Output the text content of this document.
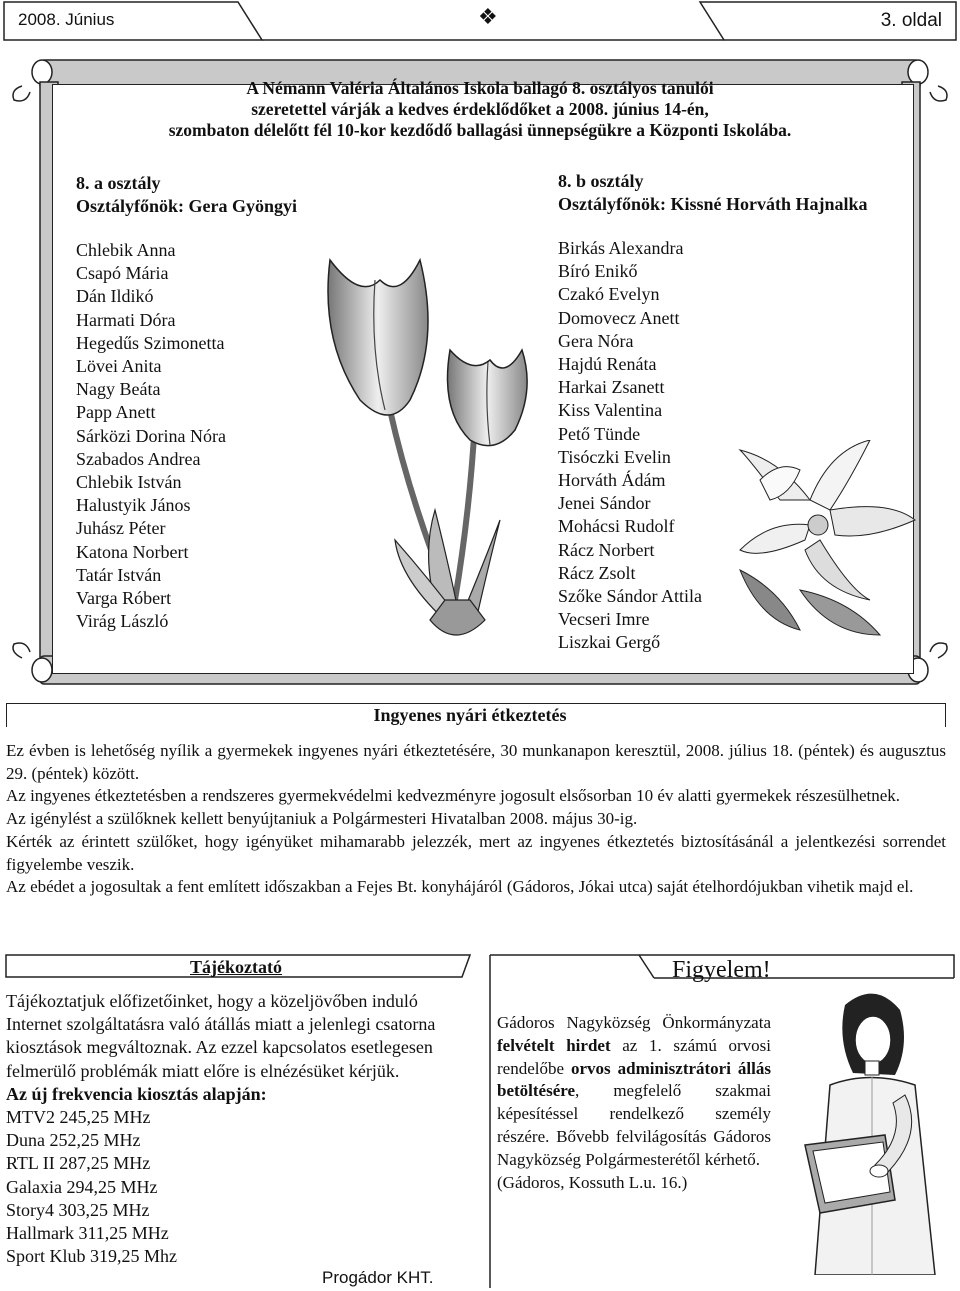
2008. Június	❖	3. oldal
A Némann Valéria Általános Iskola ballagó 8. osztályos tanulói
szeretettel várják a kedves érdeklődőket a 2008. június 14-én,
szombaton délelőtt fél 10-kor kezdődő ballagási ünnepségükre a Központi Iskolába.
8. a osztály
Osztályfőnök: Gera Gyöngyi
Chlebik Anna
Csapó Mária
Dán Ildikó
Harmati Dóra
Hegedűs Szimonetta
Lövei Anita
Nagy Beáta
Papp Anett
Sárközi Dorina Nóra
Szabados Andrea
Chlebik István
Halustyik János
Juhász Péter
Katona Norbert
Tatár István
Varga Róbert
Virág László
8. b osztály
Osztályfőnök: Kissné Horváth Hajnalka
Birkás Alexandra
Bíró Enikő
Czakó Evelyn
Domovecz Anett
Gera Nóra
Hajdú Renáta
Harkai Zsanett
Kiss Valentina
Pető Tünde
Tisóczki Evelin
Horváth Ádám
Jenei Sándor
Mohácsi Rudolf
Rácz Norbert
Rácz Zsolt
Szőke Sándor Attila
Vecseri Imre
Liszkai Gergő
Ingyenes nyári étkeztetés

Ez évben is lehetőség nyílik a gyermekek ingyenes nyári étkeztetésére, 30 munkanapon keresztül, 2008. július 18. (péntek) és augusztus 29. (péntek) között.

Az ingyenes étkeztetésben a rendszeres gyermekvédelmi kedvezményre jogosult elsősorban 10 év alatti gyermekek részesülhetnek.

Az igénylést a szülőknek kellett benyújtaniuk a Polgármesteri Hivatalban 2008. május 30-ig.

Kérték az érintett szülőket, hogy igényüket mihamarabb jelezzék, mert az ingyenes étkeztetés biztosításánál a jelentkezési sorrendet figyelembe veszik.

Az ebédet a jogosultak a fent említett időszakban a Fejes Bt. konyhájáról (Gádoros, Jókai utca) saját ételhordójukban vihetik majd el.

Tájékoztató

Tájékoztatjuk előfizetőinket, hogy a közeljövőben induló Internet szolgáltatásra való átállás miatt a jelenlegi csatorna kiosztások megváltoznak. Az ezzel kapcsolatos esetlegesen felmerülő problémák miatt előre is elnézésüket kérjük.

Az új frekvencia kiosztás alapján:

MTV2 245,25 MHz
Duna 252,25 MHz
RTL II 287,25 MHz
Galaxia 294,25 MHz
Story4 303,25 MHz
Hallmark 311,25 MHz
Sport Klub 319,25 Mhz
Progádor KHT.
Figyelem!
Gádoros Nagyközség Önkormányzata felvételt hirdet az 1. számú orvosi rendelőbe orvos adminisztrátori állás betöltésére, megfelelő szakmai képesítéssel rendelkező személy részére. Bővebb felvilágosítás Gádoros Nagyközség Polgármesterétől kérhető.
(Gádoros, Kossuth L.u. 16.)
